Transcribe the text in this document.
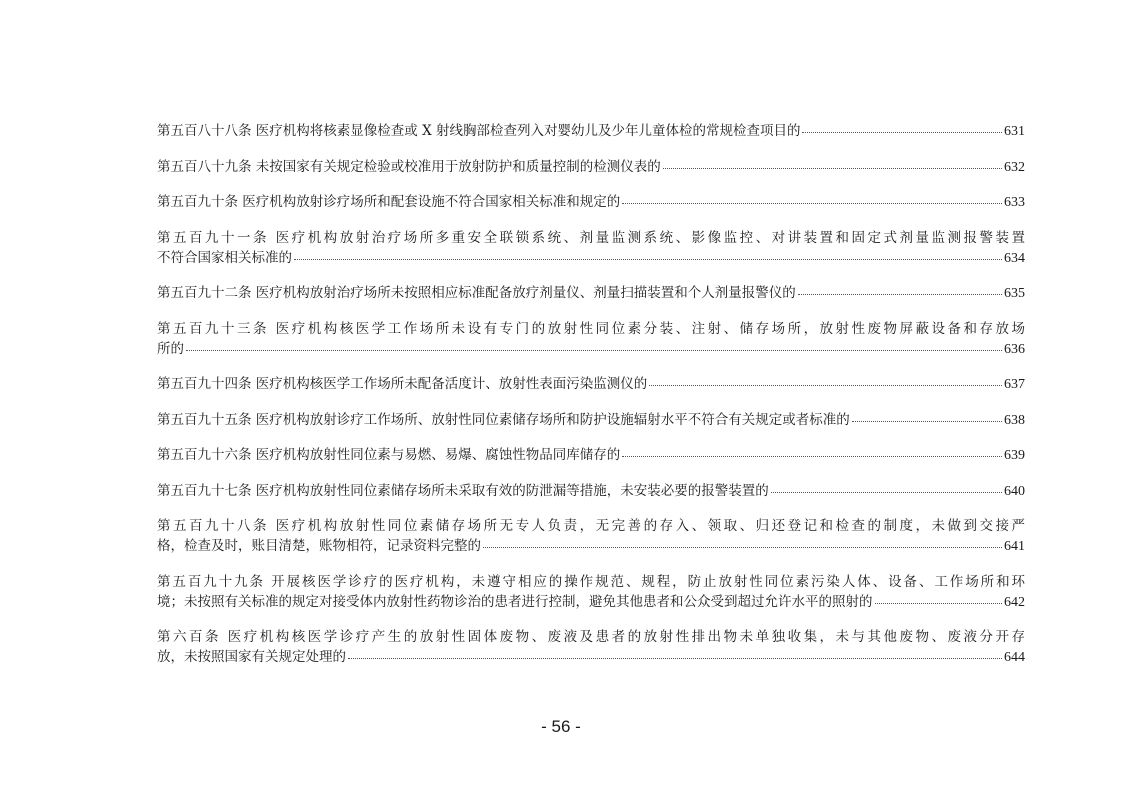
第五百八十八条 医疗机构将核素显像检查或 X 射线胸部检查列入对婴幼儿及少年儿童体检的常规检查项目的	631
第五百八十九条 未按国家有关规定检验或校准用于放射防护和质量控制的检测仪表的	632
第五百九十条 医疗机构放射诊疗场所和配套设施不符合国家相关标准和规定的	633
第五百九十一条 医疗机构放射治疗场所多重安全联锁系统、剂量监测系统、影像监控、对讲装置和固定式剂量监测报警装置
不符合国家相关标准的	634
第五百九十二条 医疗机构放射治疗场所未按照相应标准配备放疗剂量仪、剂量扫描装置和个人剂量报警仪的	635
第五百九十三条 医疗机构核医学工作场所未设有专门的放射性同位素分装、注射、储存场所，放射性废物屏蔽设备和存放场
所的	636
第五百九十四条 医疗机构核医学工作场所未配备活度计、放射性表面污染监测仪的	637
第五百九十五条 医疗机构放射诊疗工作场所、放射性同位素储存场所和防护设施辐射水平不符合有关规定或者标准的	638
第五百九十六条 医疗机构放射性同位素与易燃、易爆、腐蚀性物品同库储存的	639
第五百九十七条 医疗机构放射性同位素储存场所未采取有效的防泄漏等措施，未安装必要的报警装置的	640
第五百九十八条 医疗机构放射性同位素储存场所无专人负责，无完善的存入、领取、归还登记和检查的制度，未做到交接严
格，检查及时，账目清楚，账物相符，记录资料完整的	641
第五百九十九条 开展核医学诊疗的医疗机构，未遵守相应的操作规范、规程，防止放射性同位素污染人体、设备、工作场所和环
境；未按照有关标准的规定对接受体内放射性药物诊治的患者进行控制，避免其他患者和公众受到超过允许水平的照射的	642
第六百条 医疗机构核医学诊疗产生的放射性固体废物、废液及患者的放射性排出物未单独收集，未与其他废物、废液分开存
放，未按照国家有关规定处理的	644
- 56 -
